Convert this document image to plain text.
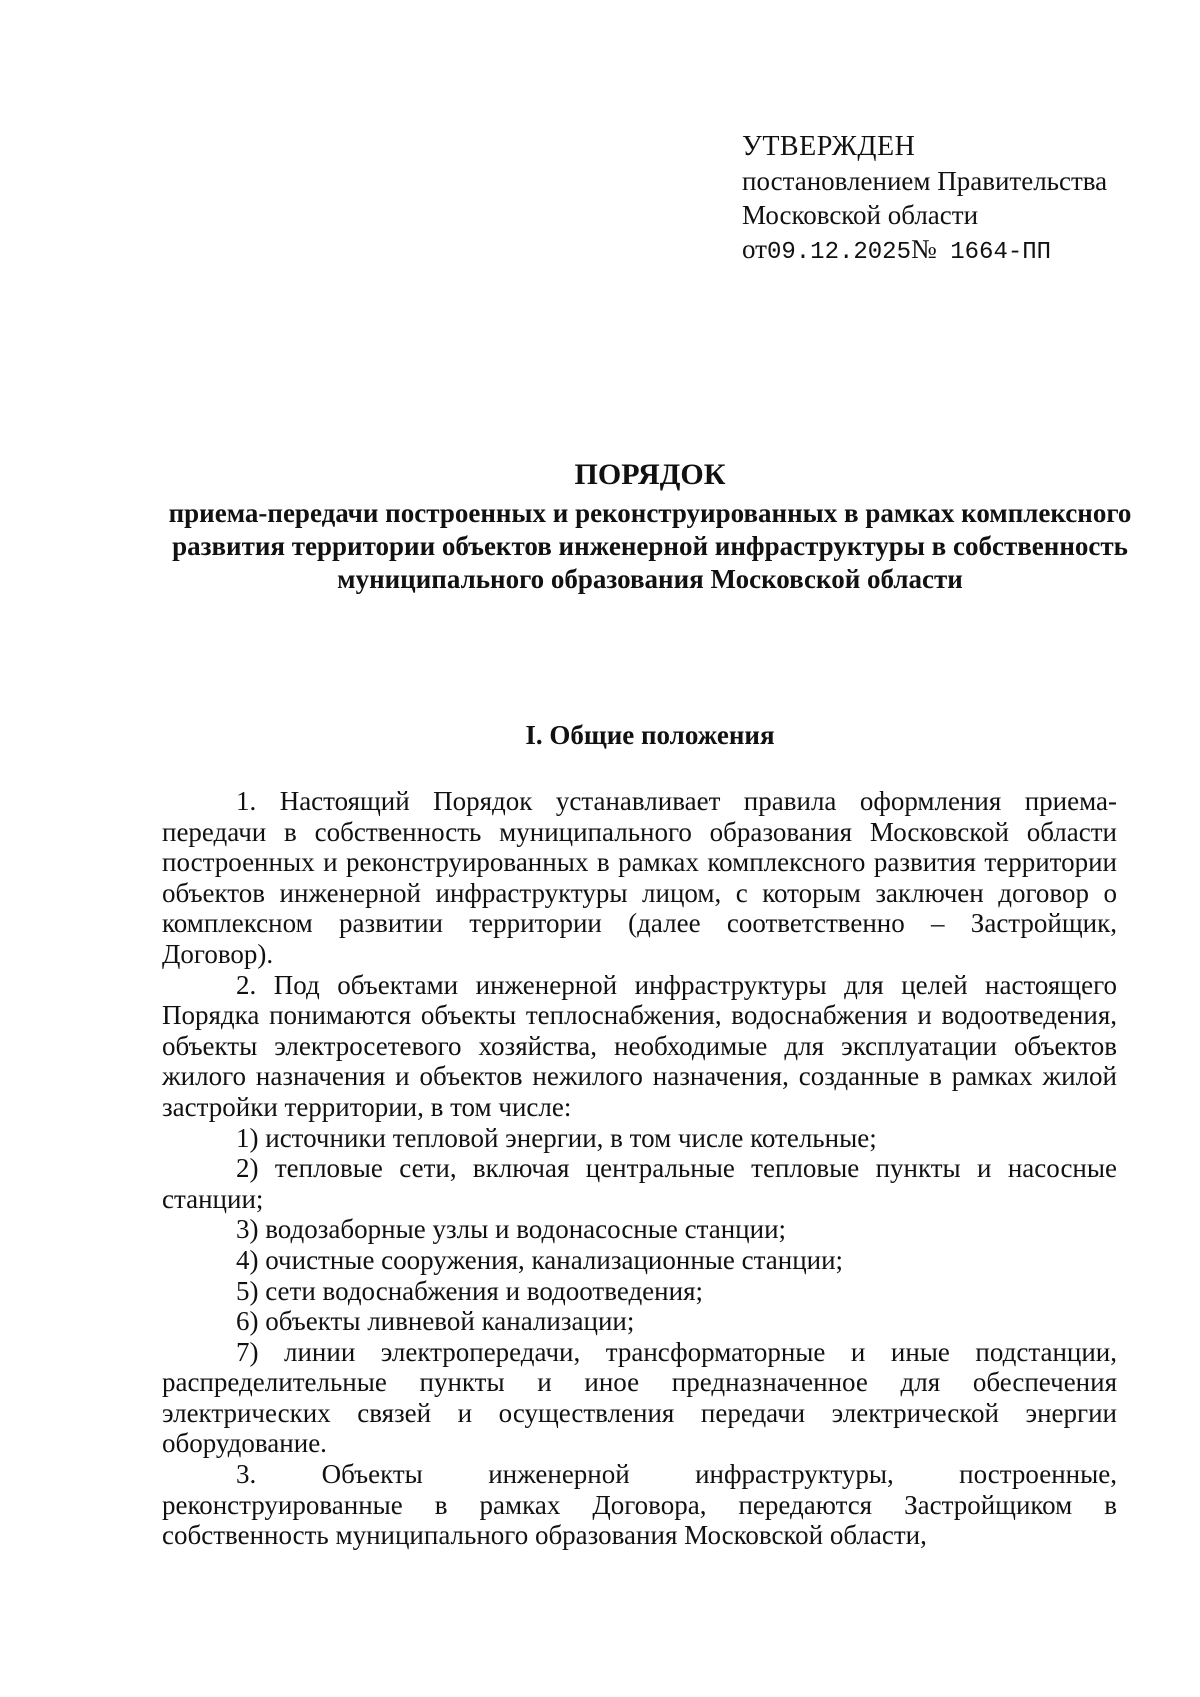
УТВЕРЖДЕН
постановлением Правительства
Московской области
от 09.12.2025 №
1664-ПП
ПОРЯДОК
приема-передачи построенных и реконструированных в рамках комплексного развития территории объектов инженерной инфраструктуры в собственность муниципального образования Московской области
I. Общие положения

1. Настоящий Порядок устанавливает правила оформления приема-передачи в собственность муниципального образования Московской области построенных и реконструированных в рамках комплексного развития территории объектов инженерной инфраструктуры лицом, с которым заключен договор о комплексном развитии территории (далее соответственно – Застройщик, Договор).

2. Под объектами инженерной инфраструктуры для целей настоящего Порядка понимаются объекты теплоснабжения, водоснабжения и водоотведения, объекты электросетевого хозяйства, необходимые для эксплуатации объектов жилого назначения и объектов нежилого назначения, созданные в рамках жилой застройки территории, в том числе:

1) источники тепловой энергии, в том числе котельные;

2) тепловые сети, включая центральные тепловые пункты и насосные станции;

3) водозаборные узлы и водонасосные станции;

4) очистные сооружения, канализационные станции;

5) сети водоснабжения и водоотведения;

6) объекты ливневой канализации;

7) линии электропередачи, трансформаторные и иные подстанции, распределительные пункты и иное предназначенное для обеспечения электрических связей и осуществления передачи электрической энергии оборудование.

3. Объекты инженерной инфраструктуры, построенные, реконструированные в рамках Договора, передаются Застройщиком в собственность муниципального образования Московской области,
